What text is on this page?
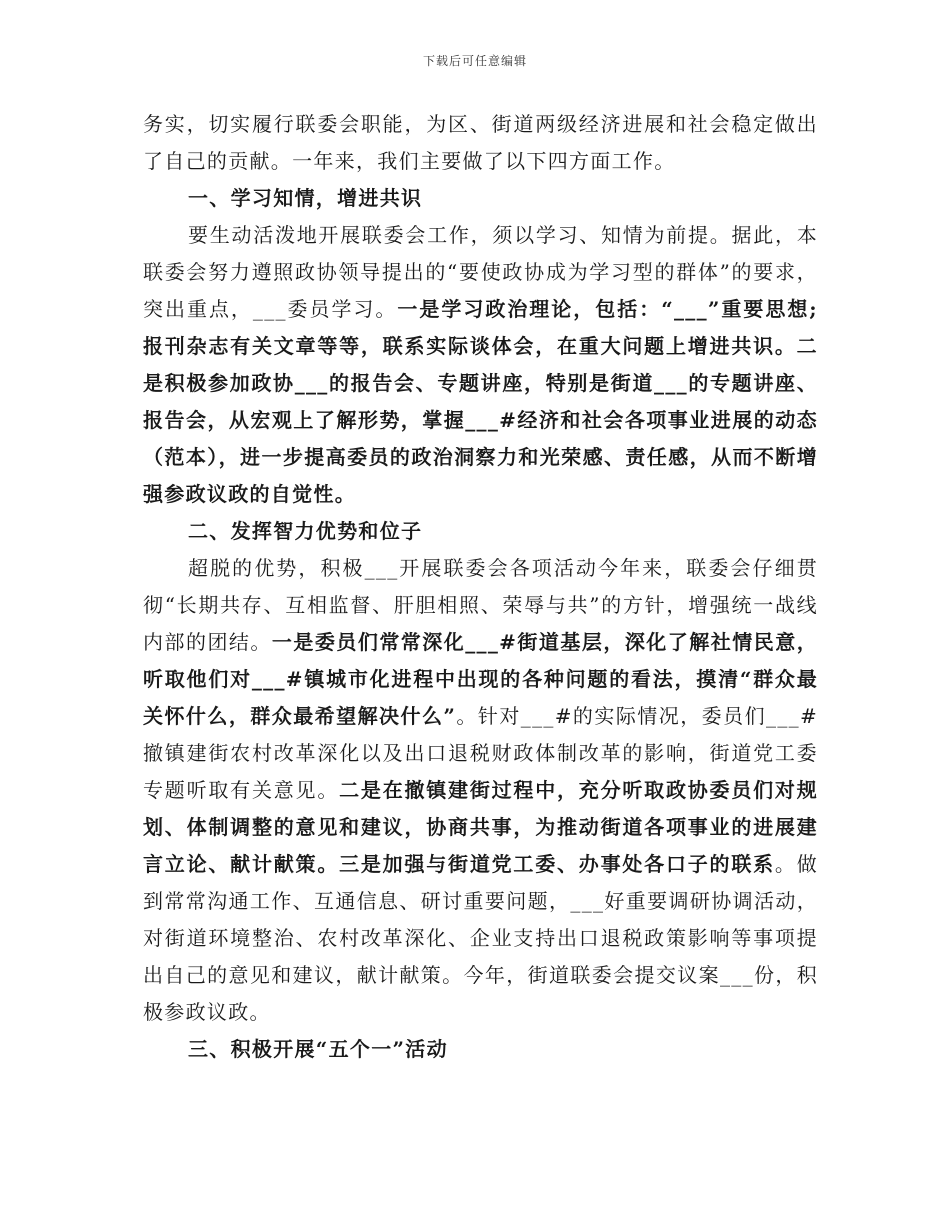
下载后可任意编辑

务实，切实履行联委会职能，为区、街道两级经济进展和社会稳定做出了自己的贡献。一年来，我们主要做了以下四方面工作。

一、学习知情，增进共识

要生动活泼地开展联委会工作，须以学习、知情为前提。据此，本联委会努力遵照政协领导提出的“要使政协成为学习型的群体”的要求，突出重点，___委员学习。一是学习政治理论，包括：“___”重要思想;报刊杂志有关文章等等，联系实际谈体会，在重大问题上增进共识。二是积极参加政协___的报告会、专题讲座，特别是街道___的专题讲座、报告会，从宏观上了解形势，掌握___#经济和社会各项事业进展的动态（范本），进一步提高委员的政治洞察力和光荣感、责任感，从而不断增强参政议政的自觉性。

二、发挥智力优势和位子

超脱的优势，积极___开展联委会各项活动今年来，联委会仔细贯彻“长期共存、互相监督、肝胆相照、荣辱与共”的方针，增强统一战线内部的团结。一是委员们常常深化___#街道基层，深化了解社情民意，听取他们对___#镇城市化进程中出现的各种问题的看法，摸清“群众最关怀什么，群众最希望解决什么”。针对___#的实际情况，委员们___#撤镇建街农村改革深化以及出口退税财政体制改革的影响，街道党工委专题听取有关意见。二是在撤镇建街过程中，充分听取政协委员们对规划、体制调整的意见和建议，协商共事，为推动街道各项事业的进展建言立论、献计献策。三是加强与街道党工委、办事处各口子的联系。做到常常沟通工作、互通信息、研讨重要问题，___好重要调研协调活动，对街道环境整治、农村改革深化、企业支持出口退税政策影响等事项提出自己的意见和建议，献计献策。今年，街道联委会提交议案___份，积极参政议政。

三、积极开展“五个一”活动
